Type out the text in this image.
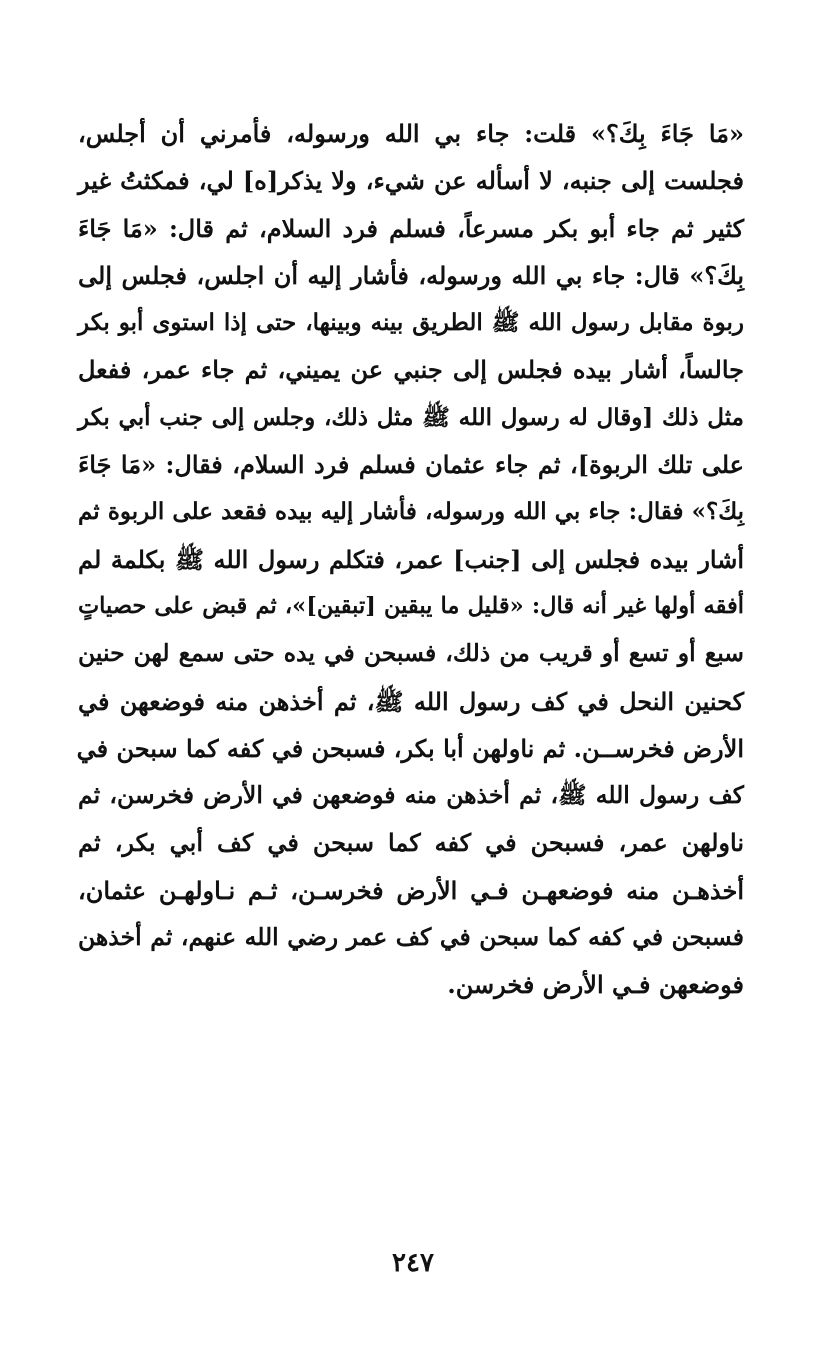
«مَا جَاءَ بِكَ؟» قلت: جاء بي الله ورسوله، فأمرني أن أجلس،
فجلست إلى جنبه، لا أسأله عن شيء، ولا يذكر[ه] لي، فمكثتُ غير
كثير ثم جاء أبو بكر مسرعاً، فسلم فرد السلام، ثم قال: «مَا جَاءَ
بِكَ؟» قال: جاء بي الله ورسوله، فأشار إليه أن اجلس، فجلس إلى
ربوة مقابل رسول الله ﷺ الطريق بينه وبينها، حتى إذا استوى أبو بكر
جالساً، أشار بيده فجلس إلى جنبي عن يميني، ثم جاء عمر، ففعل
مثل ذلك [وقال له رسول الله ﷺ مثل ذلك، وجلس إلى جنب أبي بكر
على تلك الربوة]، ثم جاء عثمان فسلم فرد السلام، فقال: «مَا جَاءَ
بِكَ؟» فقال: جاء بي الله ورسوله، فأشار إليه بيده فقعد على الربوة ثم
أشار بيده فجلس إلى [جنب] عمر، فتكلم رسول الله ﷺ بكلمة لم
أفقه أولها غير أنه قال: «قليل ما يبقين [تبقين]»، ثم قبض على حصياتٍ
سبع أو تسع أو قريب من ذلك، فسبحن في يده حتى سمع لهن حنين
كحنين النحل في كف رسول الله ﷺ، ثم أخذهن منه فوضعهن في
الأرض فخرســن. ثم ناولهن أبا بكر، فسبحن في كفه كما سبحن في
كف رسول الله ﷺ، ثم أخذهن منه فوضعهن في الأرض فخرسن، ثم
ناولهن عمر، فسبحن في كفه كما سبحن في كف أبي بكر، ثم
أخذهـن منه فوضعهـن فـي الأرض فخرسـن، ثـم نـاولهـن عثمان،
فسبحن في كفه كما سبحن في كف عمر رضي الله عنهم، ثم أخذهن
فوضعهن فـي الأرض فخرسن.
٢٤٧
